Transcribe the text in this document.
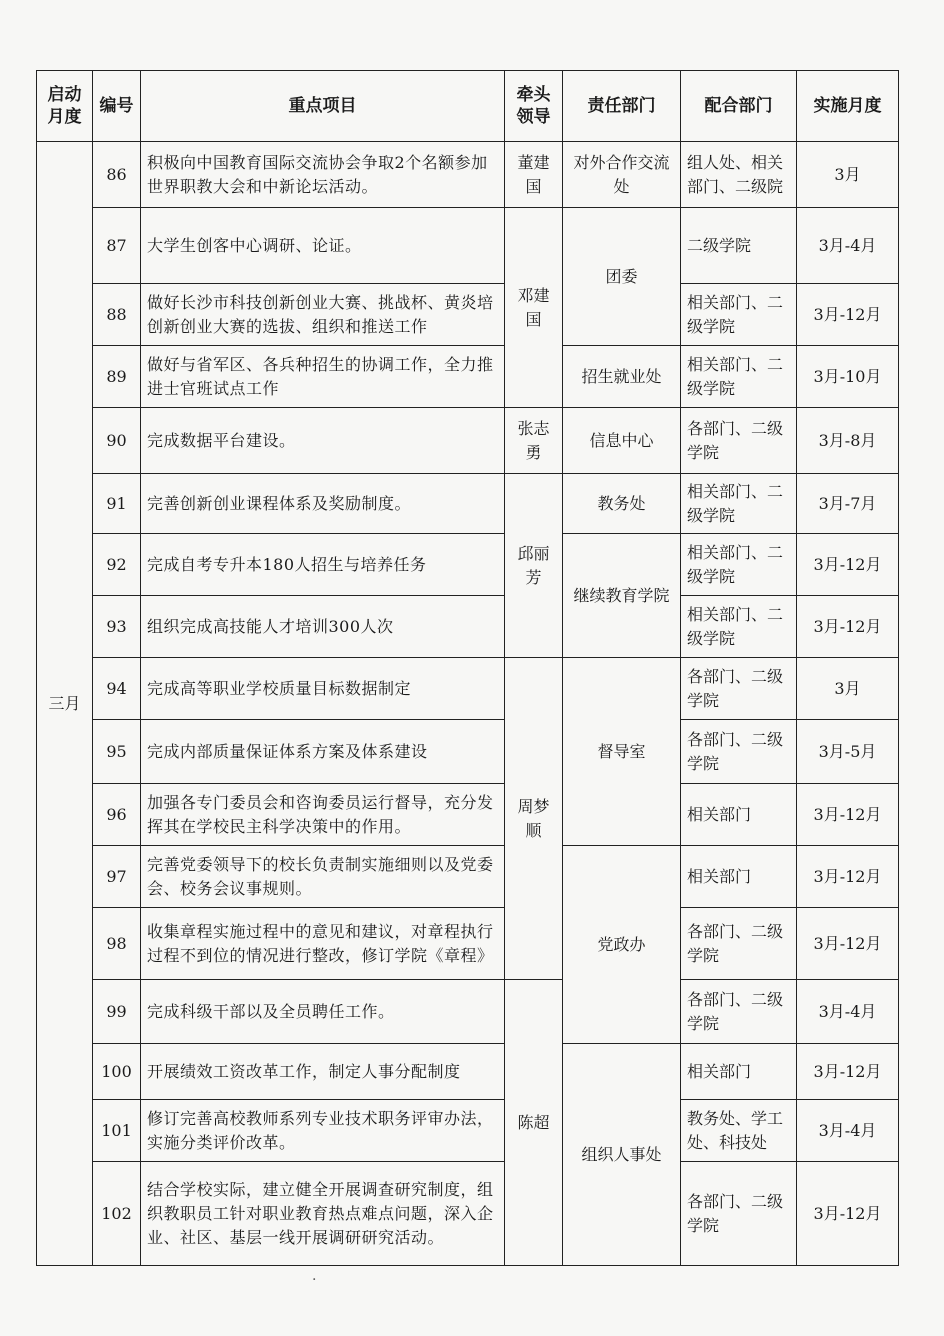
启动月度	编号	重点项目	牵头领导	责任部门	配合部门	实施月度
三月	86	积极向中国教育国际交流协会争取2个名额参加世界职教大会和中新论坛活动。	董建国	对外合作交流处	组人处、相关部门、二级院	3月
	87	大学生创客中心调研、论证。	邓建国	团委	二级学院	3月-4月
	88	做好长沙市科技创新创业大赛、挑战杯、黄炎培创新创业大赛的选拔、组织和推送工作			相关部门、二级学院	3月-12月
	89	做好与省军区、各兵种招生的协调工作，全力推进士官班试点工作		招生就业处	相关部门、二级学院	3月-10月
	90	完成数据平台建设。	张志勇	信息中心	各部门、二级学院	3月-8月
	91	完善创新创业课程体系及奖励制度。	邱丽芳	教务处	相关部门、二级学院	3月-7月
	92	完成自考专升本180人招生与培养任务		继续教育学院	相关部门、二级学院	3月-12月
	93	组织完成高技能人才培训300人次			相关部门、二级学院	3月-12月
	94	完成高等职业学校质量目标数据制定	周梦顺	督导室	各部门、二级学院	3月
	95	完成内部质量保证体系方案及体系建设			各部门、二级学院	3月-5月
	96	加强各专门委员会和咨询委员运行督导，充分发挥其在学校民主科学决策中的作用。			相关部门	3月-12月
	97	完善党委领导下的校长负责制实施细则以及党委会、校务会议事规则。		党政办	相关部门	3月-12月
	98	收集章程实施过程中的意见和建议，对章程执行过程不到位的情况进行整改，修订学院《章程》			各部门、二级学院	3月-12月
	99	完成科级干部以及全员聘任工作。	陈超		各部门、二级学院	3月-4月
	100	开展绩效工资改革工作，制定人事分配制度		组织人事处	相关部门	3月-12月
	101	修订完善高校教师系列专业技术职务评审办法，实施分类评价改革。			教务处、学工处、科技处	3月-4月
	102	结合学校实际，建立健全开展调查研究制度，组织教职员工针对职业教育热点难点问题，深入企业、社区、基层一线开展调研研究活动。			各部门、二级学院	3月-12月
.
